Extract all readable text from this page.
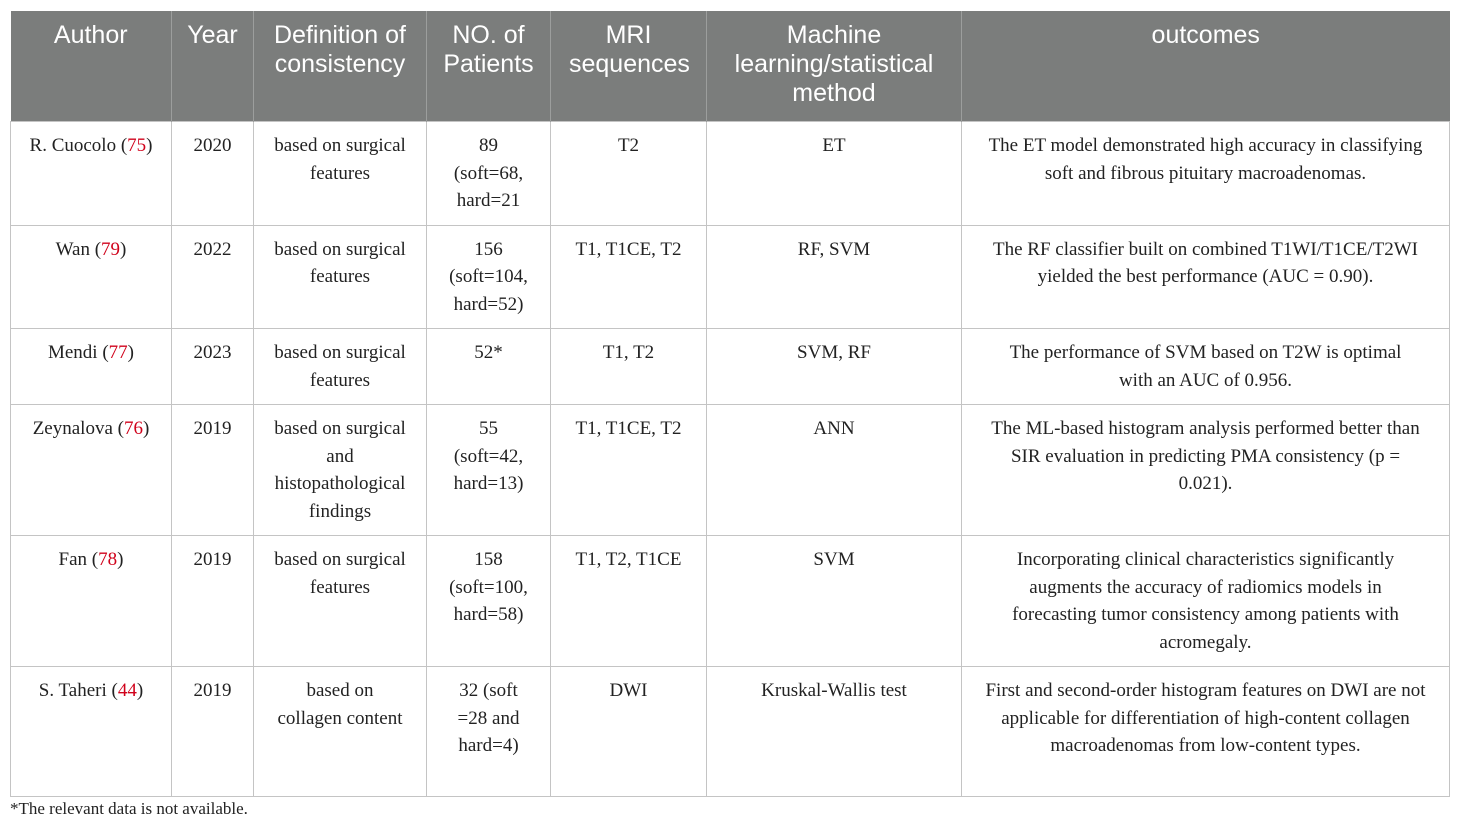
Author	Year	Definition of consistency	NO. of Patients	MRI sequences	Machine learning/statistical method	outcomes
R. Cuocolo (75)	2020	based on surgical features	89 (soft=68, hard=21	T2	ET	The ET model demonstrated high accuracy in classifying soft and fibrous pituitary macroadenomas.
Wan (79)	2022	based on surgical features	156 (soft=104, hard=52)	T1, T1CE, T2	RF, SVM	The RF classifier built on combined T1WI/T1CE/T2WI yielded the best performance (AUC = 0.90).
Mendi (77)	2023	based on surgical features	52*	T1, T2	SVM, RF	The performance of SVM based on T2W is optimal with an AUC of 0.956.
Zeynalova (76)	2019	based on surgical and histopathological findings	55 (soft=42, hard=13)	T1, T1CE, T2	ANN	The ML-based histogram analysis performed better than SIR evaluation in predicting PMA consistency (p = 0.021).
Fan (78)	2019	based on surgical features	158 (soft=100, hard=58)	T1, T2, T1CE	SVM	Incorporating clinical characteristics significantly augments the accuracy of radiomics models in forecasting tumor consistency among patients with acromegaly.
S. Taheri (44)	2019	based on collagen content	32 (soft =28 and hard=4)	DWI	Kruskal-Wallis test	First and second-order histogram features on DWI are not applicable for differentiation of high-content collagen macroadenomas from low-content types.
*The relevant data is not available.
